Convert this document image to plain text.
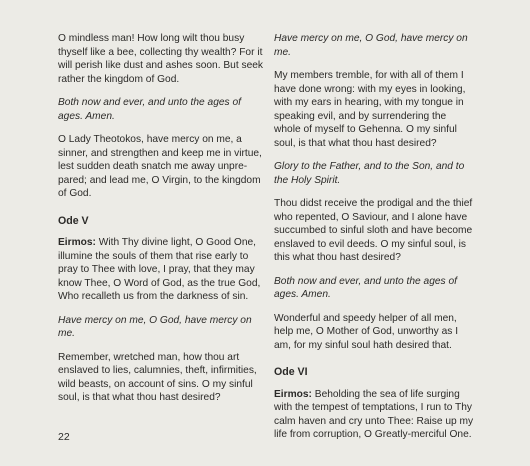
O mindless man! How long wilt thou busy thyself like a bee, collecting thy wealth? For it will perish like dust and ashes soon. But seek rather the kingdom of God.

Both now and ever, and unto the ages of ages. Amen.

O Lady Theotokos, have mercy on me, a sinner, and strengthen and keep me in virtue, lest sudden death snatch me away unpre-pared; and lead me, O Virgin, to the kingdom of God.

Ode V

Eirmos: With Thy divine light, O Good One, illumine the souls of them that rise early to pray to Thee with love, I pray, that they may know Thee, O Word of God, as the true God, Who recalleth us from the darkness of sin.

Have mercy on me, O God, have mercy on me.

Remember, wretched man, how thou art enslaved to lies, calumnies, theft, infirmities, wild beasts, on account of sins. O my sinful soul, is that what thou hast desired?

Have mercy on me, O God, have mercy on me.

My members tremble, for with all of them I have done wrong: with my eyes in looking, with my ears in hearing, with my tongue in speaking evil, and by surrendering the whole of myself to Gehenna. O my sinful soul, is that what thou hast desired?

Glory to the Father, and to the Son, and to the Holy Spirit.

Thou didst receive the prodigal and the thief who repented, O Saviour, and I alone have succumbed to sinful sloth and have become enslaved to evil deeds. O my sinful soul, is this what thou hast desired?

Both now and ever, and unto the ages of ages. Amen.

Wonderful and speedy helper of all men, help me, O Mother of God, unworthy as I am, for my sinful soul hath desired that.

Ode VI

Eirmos: Beholding the sea of life surging with the tempest of temptations, I run to Thy calm haven and cry unto Thee: Raise up my life from corruption, O Greatly-merciful One.

22
